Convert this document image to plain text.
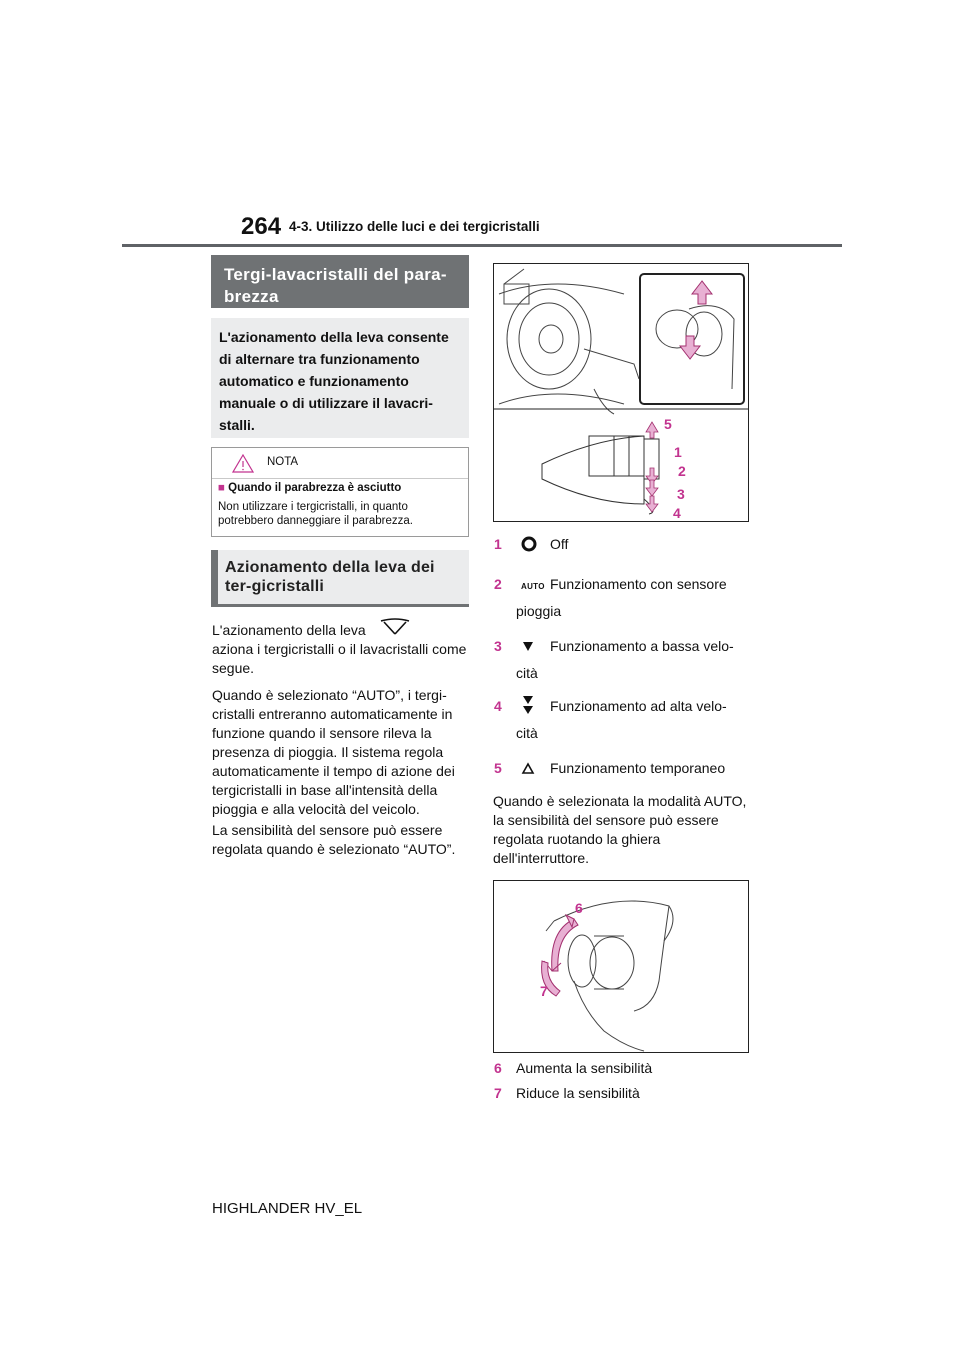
264 4-3. Utilizzo delle luci e dei tergicristalli
Tergi-lavacristalli del para-brezza
L'azionamento della leva consente di alternare tra funzionamento automatico e funzionamento manuale o di utilizzare il lavacri-stalli.
NOTA
■ Quando il parabrezza è asciutto
Non utilizzare i tergicristalli, in quanto potrebbero danneggiare il parabrezza.
Azionamento della leva dei ter-gicristalli
L'azionamento della leva
aziona i tergicristalli o il lavacristalli come segue.
Quando è selezionato “AUTO”, i tergi-cristalli entreranno automaticamente in funzione quando il sensore rileva la presenza di pioggia. Il sistema regola automaticamente il tempo di azione dei tergicristalli in base all'intensità della pioggia e alla velocità del veicolo.
La sensibilità del sensore può essere regolata quando è selezionato “AUTO”.
5
1
2
3
4
1	Off
2 AUTO Funzionamento con sensore
pioggia
3	Funzionamento a bassa velo-
cità
4	Funzionamento ad alta velo-
cità
5	Funzionamento temporaneo
Quando è selezionata la modalità AUTO, la sensibilità del sensore può essere regolata ruotando la ghiera dell'interruttore.
6
7
6 Aumenta la sensibilità
7 Riduce la sensibilità
HIGHLANDER HV_EL
